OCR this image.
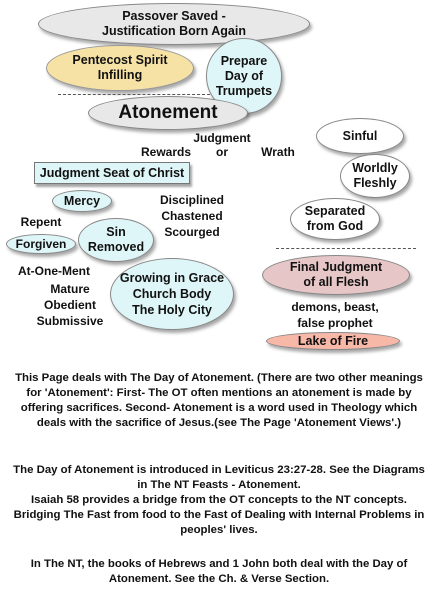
Passover Saved -
Justification Born Again
Pentecost Spirit
Infilling
Prepare
Day of
Trumpets
Atonement
Judgment
Rewards	or	Wrath
Sinful
Worldly
Fleshly
Separated
from God
Judgment Seat of Christ
Mercy	Disciplined
Chastened
Scourged
Repent
Forgiven
Sin
Removed
At-One-Ment
Mature
Obedient
Submissive
Growing in Grace
Church Body
The Holy City
Final Judgment
of all Flesh
demons, beast,
false prophet
Lake of Fire
This Page deals with The Day of Atonement. (There are two other meanings for 'Atonement': First- The OT often mentions an atonement is made by offering sacrifices. Second- Atonement is a word used in Theology which deals with the sacrifice of Jesus.(see The Page 'Atonement Views'.)
The Day of Atonement is introduced in Leviticus 23:27-28. See the Diagrams in The NT Feasts - Atonement.
Isaiah 58 provides a bridge from the OT concepts to the NT concepts. Bridging The Fast from food to the Fast of Dealing with Internal Problems in peoples' lives.
In The NT, the books of Hebrews and 1 John both deal with the Day of Atonement. See the Ch. & Verse Section.
